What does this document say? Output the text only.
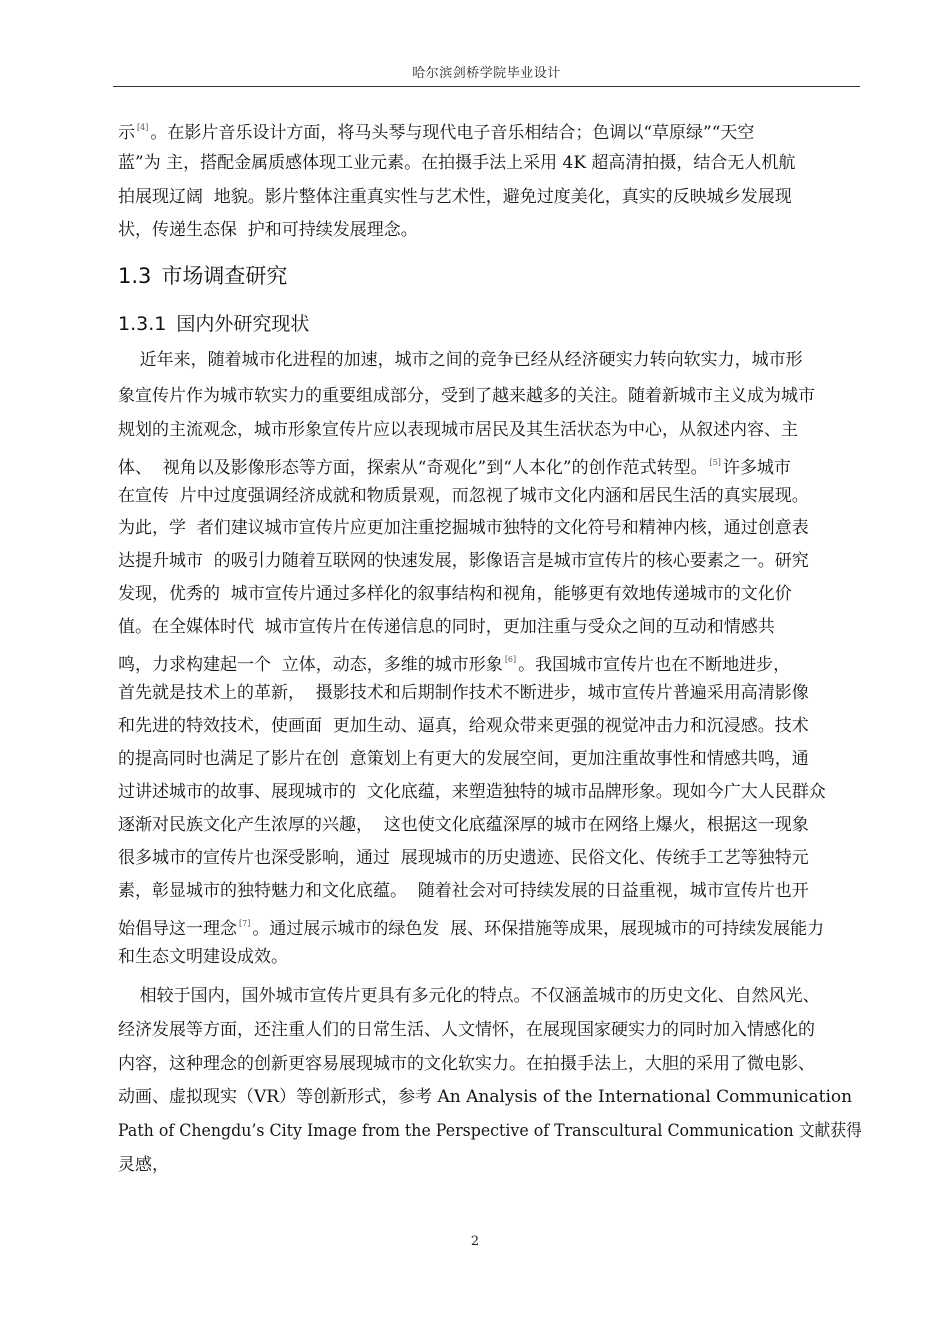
哈尔滨剑桥学院毕业设计
示 [4] 。在影片音乐设计方面，将马头琴与现代电子音乐相结合；色调以“草原绿”“天空
蓝”为 主，搭配金属质感体现工业元素。在拍摄手法上采用 4K 超高清拍摄，结合无人机航
拍展现辽阔  地貌。影片整体注重真实性与艺术性，避免过度美化，真实的反映城乡发展现
状，传递生态保  护和可持续发展理念。
1.3 市场调查研究
1.3.1 国内外研究现状
近年来，随着城市化进程的加速，城市之间的竞争已经从经济硬实力转向软实力，城市形
象宣传片作为城市软实力的重要组成部分，受到了越来越多的关注。随着新城市主义成为城市
规划的主流观念，城市形象宣传片应以表现城市居民及其生活状态为中心，从叙述内容、主
体、  视角以及影像形态等方面，探索从“奇观化”到“人本化”的创作范式转型。 [5] 许多城市
在宣传  片中过度强调经济成就和物质景观，而忽视了城市文化内涵和居民生活的真实展现。
为此，学  者们建议城市宣传片应更加注重挖掘城市独特的文化符号和精神内核，通过创意表
达提升城市  的吸引力随着互联网的快速发展，影像语言是城市宣传片的核心要素之一。研究
发现，优秀的  城市宣传片通过多样化的叙事结构和视角，能够更有效地传递城市的文化价
值。在全媒体时代  城市宣传片在传递信息的同时，更加注重与受众之间的互动和情感共
鸣，力求构建起一个  立体，动态，多维的城市形象 [6] 。我国城市宣传片也在不断地进步，
首先就是技术上的革新，  摄影技术和后期制作技术不断进步，城市宣传片普遍采用高清影像
和先进的特效技术，使画面  更加生动、逼真，给观众带来更强的视觉冲击力和沉浸感。技术
的提高同时也满足了影片在创  意策划上有更大的发展空间，更加注重故事性和情感共鸣，通
过讲述城市的故事、展现城市的  文化底蕴，来塑造独特的城市品牌形象。现如今广大人民群众
逐渐对民族文化产生浓厚的兴趣，  这也使文化底蕴深厚的城市在网络上爆火，根据这一现象
很多城市的宣传片也深受影响，通过  展现城市的历史遗迹、民俗文化、传统手工艺等独特元
素，彰显城市的独特魅力和文化底蕴。  随着社会对可持续发展的日益重视，城市宣传片也开
始倡导这一理念 [7] 。通过展示城市的绿色发  展、环保措施等成果，展现城市的可持续发展能力
和生态文明建设成效。
相较于国内，国外城市宣传片更具有多元化的特点。不仅涵盖城市的历史文化、自然风光、
经济发展等方面，还注重人们的日常生活、人文情怀，在展现国家硬实力的同时加入情感化的
内容，这种理念的创新更容易展现城市的文化软实力。在拍摄手法上，大胆的采用了微电影、
动画、虚拟现实（VR）等创新形式，参考 An Analysis of the International Communication
Path of Chengdu’s City Image from the Perspective of Transcultural Communication 文献获得
灵感，
2
